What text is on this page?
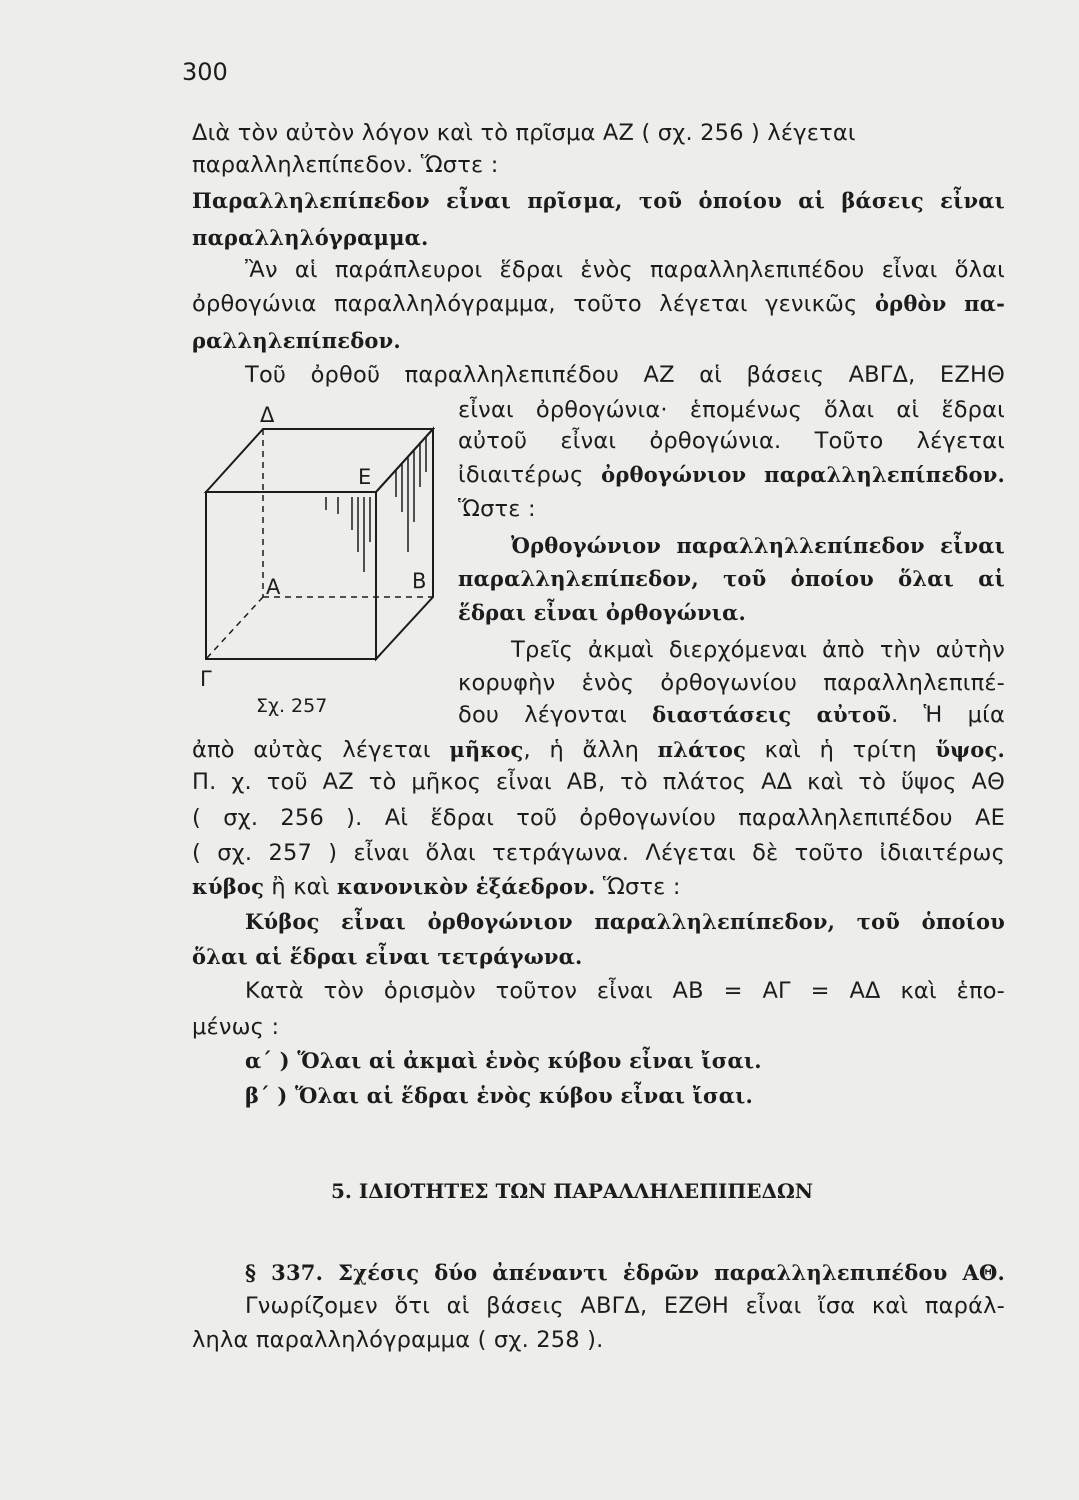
300
Διὰ τὸν αὐτὸν λόγον καὶ τὸ πρῖσμα ΑΖ ( σχ. 256 ) λέγεται
παραλληλεπίπεδον. Ὥστε :
Παραλληλεπίπεδον εἶναι πρῖσμα, τοῦ ὁποίου αἱ βάσεις εἶναι
παραλληλόγραμμα.
Ἂν αἱ παράπλευροι ἕδραι ἑνὸς παραλληλεπιπέδου εἶναι ὅλαι
ὀρθογώνια παραλληλόγραμμα, τοῦτο λέγεται γενικῶς ὀρθὸν πα-
ραλληλεπίπεδον.
Τοῦ ὀρθοῦ παραλληλεπιπέδου ΑΖ αἱ βάσεις ΑΒΓΔ, ΕΖΗΘ
εἶναι ὀρθογώνια· ἑπομένως ὅλαι αἱ ἕδραι
αὐτοῦ εἶναι ὀρθογώνια. Τοῦτο λέγεται
ἰδιαιτέρως ὀρθογώνιον παραλληλεπίπεδον.
Ὥστε :
Ὀρθογώνιον παραλληλλεπίπεδον εἶναι
παραλληλεπίπεδον, τοῦ ὁποίου ὅλαι αἱ
ἕδραι εἶναι ὀρθογώνια.
Τρεῖς ἀκμαὶ διερχόμεναι ἀπὸ τὴν αὐτὴν
κορυφὴν ἑνὸς ὀρθογωνίου παραλληλεπιπέ-
δου λέγονται διαστάσεις αὐτοῦ. Ἡ μία
ἀπὸ αὐτὰς λέγεται μῆκος, ἡ ἄλλη πλάτος καὶ ἡ τρίτη ὕψος.
Π. χ. τοῦ ΑΖ τὸ μῆκος εἶναι ΑΒ, τὸ πλάτος ΑΔ καὶ τὸ ὕψος ΑΘ
( σχ. 256 ). Αἱ ἕδραι τοῦ ὀρθογωνίου παραλληλεπιπέδου ΑΕ
( σχ. 257 ) εἶναι ὅλαι τετράγωνα. Λέγεται δὲ τοῦτο ἰδιαιτέρως
κύβος ἢ καὶ κανονικὸν ἑξάεδρον. Ὥστε :
Κύβος εἶναι ὀρθογώνιον παραλληλεπίπεδον, τοῦ ὁποίου
ὅλαι αἱ ἕδραι εἶναι τετράγωνα.
Κατὰ τὸν ὁρισμὸν τοῦτον εἶναι ΑΒ = ΑΓ = ΑΔ καὶ ἑπο-
μένως :
α΄ ) Ὅλαι αἱ ἀκμαὶ ἑνὸς κύβου εἶναι ἴσαι.
β΄ ) Ὅλαι αἱ ἕδραι ἑνὸς κύβου εἶναι ἴσαι.
5. ΙΔΙΟΤΗΤΕΣ ΤΩΝ ΠΑΡΑΛΛΗΛΕΠΙΠΕΔΩΝ
§ 337. Σχέσις δύο ἀπέναντι ἑδρῶν παραλληλεπιπέδου ΑΘ.
Γνωρίζομεν ὅτι αἱ βάσεις ΑΒΓΔ, ΕΖΘΗ εἶναι ἴσα καὶ παράλ-
ληλα παραλληλόγραμμα ( σχ. 258 ).
Δ
Ε
Α	Β
Γ
Σχ. 257
